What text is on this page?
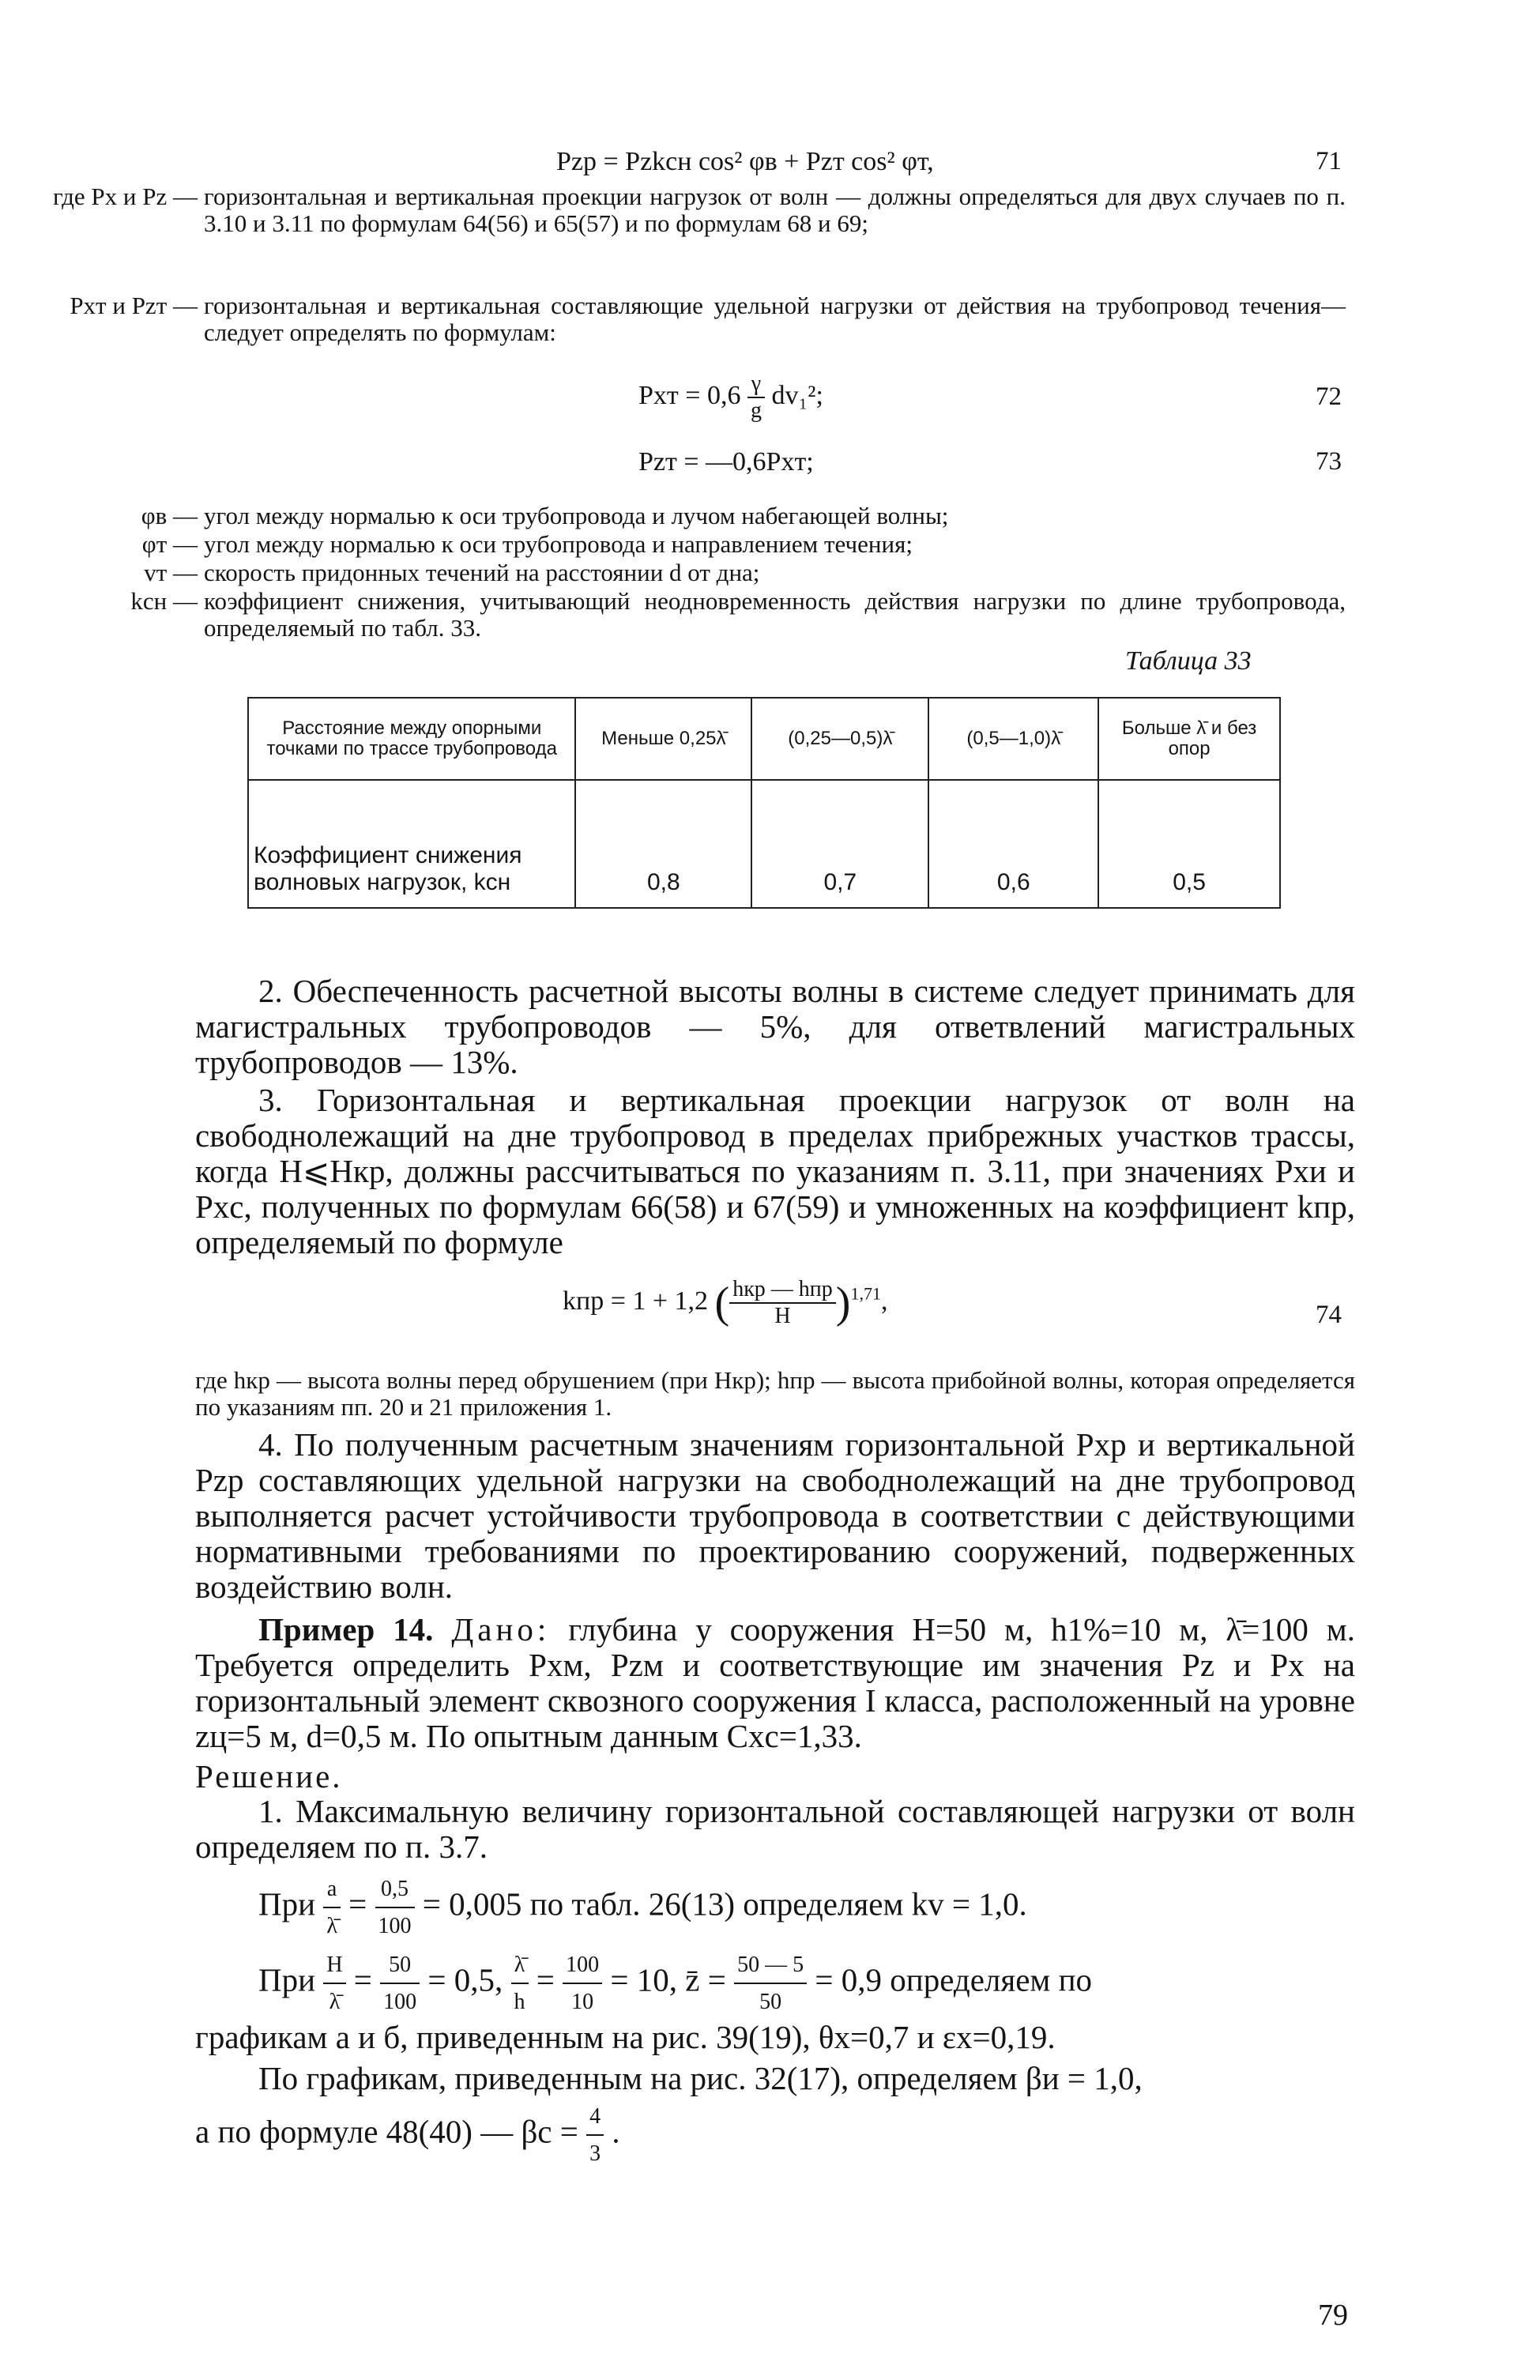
Pzp = Pzkсн cos² φв + Pzт cos² φт,	71
где Px и Pz — горизонтальная и вертикальная проекции нагрузок от волн — должны определяться для двух случаев по п. 3.10 и 3.11 по формулам 64(56) и 65(57) и по формулам 68 и 69;
Pxт и Pzт — горизонтальная и вертикальная составляющие удельной нагрузки от действия на трубопровод течения—следует определять по формулам:
Pxт = $0,6 \frac{\gamma}{g} dv_1^2$;	72
Pzт = —0,6Pxт;	73
φв — угол между нормалью к оси трубопровода и лучом набегающей волны;
φт — угол между нормалью к оси трубопровода и направлением течения;
vт — скорость придонных течений на расстоянии d от дна;
kсн — коэффициент снижения, учитывающий неодновременность действия нагрузки по длине трубопровода, определяемый по табл. 33.
Таблица 33
Расстояние между опорными точками по трассе трубопровода	Меньше 0,25λ̄	(0,25—0,5)λ̄	(0,5—1,0)λ̄	Больше λ̄ и без опор
Коэффициент снижения волновых нагрузок, kсн	0,8	0,7	0,6	0,5
2. Обеспеченность расчетной высоты волны в системе следует принимать для магистральных трубопроводов — 5%, для ответвлений магистральных трубопроводов — 13%.
3. Горизонтальная и вертикальная проекции нагрузок от волн на свободнолежащий на дне трубопровод в пределах прибрежных участков трассы, когда H⩽Hкр, должны рассчитываться по указаниям п. 3.11, при значениях Pxи и Pxс, полученных по формулам 66(58) и 67(59) и умноженных на коэффициент kпр, определяемый по формуле
kпр = 1 + 1,2 ( $\frac{\text{hкр — hпр}}{H} )^{1,71}$,	74
где hкр — высота волны перед обрушением (при Hкр); hпр — высота прибойной волны, которая определяется по указаниям пп. 20 и 21 приложения 1.
4. По полученным расчетным значениям горизонтальной Pxр и вертикальной Pzр составляющих удельной нагрузки на свободнолежащий на дне трубопровод выполняется расчет устойчивости трубопровода в соответствии с действующими нормативными требованиями по проектированию сооружений, подверженных воздействию волн.
Пример 14. Дано: глубина у сооружения H=50 м, h1%=10 м, λ̄=100 м. Требуется определить Pxм, Pzм и соответствующие им значения Pz и Px на горизонтальный элемент сквозного сооружения I класса, расположенный на уровне zц=5 м, d=0,5 м. По опытным данным Cxс=1,33.
Решение.
1. Максимальную величину горизонтальной составляющей нагрузки от волн определяем по п. 3.7.
При $\frac{a}{\lambdā} = \frac{0,5}{100} = 0,005$ по табл. 26(13) определяем kv = 1,0.
При $\frac{H}{\lambdā} = \frac{50}{100} = 0,5$, $\frac{\lambdā}{h} = \frac{100}{10} = 10$, z̄ = $\frac{50 — 5}{50} = 0,9$ определяем по
графикам а и б, приведенным на рис. 39(19), θx=0,7 и εx=0,19.
По графикам, приведенным на рис. 32(17), определяем βи = 1,0,
а по формуле 48(40) — $\beta с = \frac{4}{3}$ .
79
